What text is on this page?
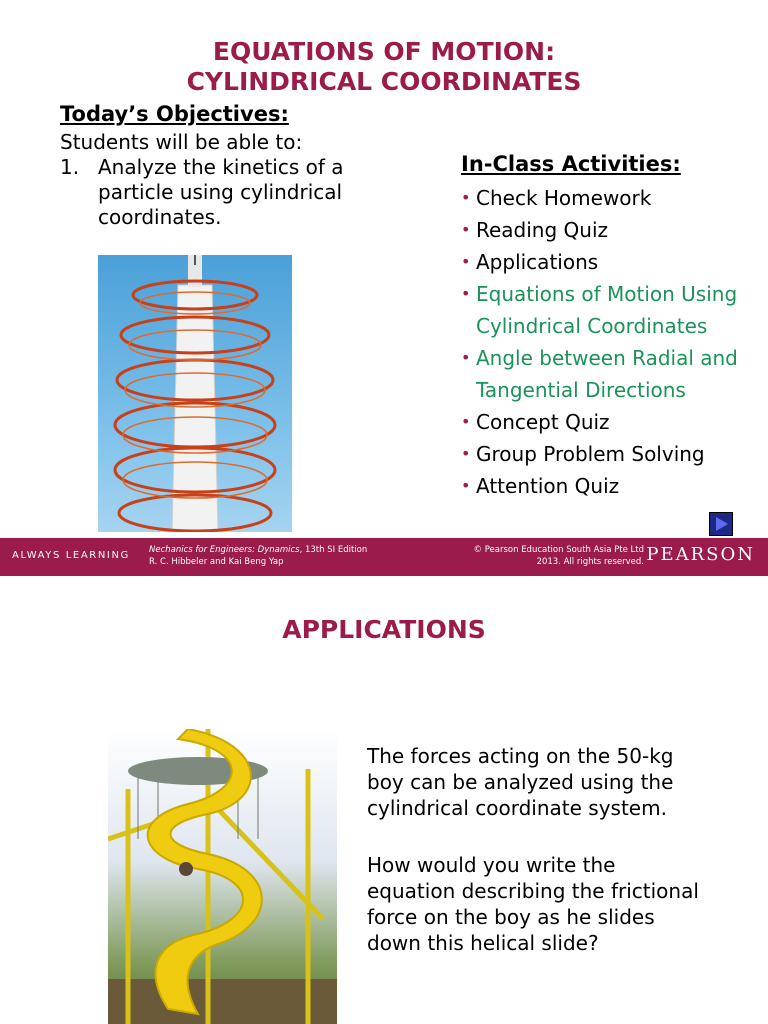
EQUATIONS OF MOTION:
CYLINDRICAL COORDINATES
Today’s Objectives:
Students will be able to:
1. Analyze the kinetics of a particle using cylindrical coordinates.
In-Class Activities:
• Check Homework
• Reading Quiz
• Applications
• Equations of Motion Using Cylindrical Coordinates
• Angle between Radial and Tangential Directions
• Concept Quiz
• Group Problem Solving
• Attention Quiz
ALWAYS LEARNING Nechanics for Engineers: Dynamics, 13th SI Edition
R. C. Hibbeler and Kai Beng Yap
© Pearson Education South Asia Pte Ltd
2013. All rights reserved. PEARSON
APPLICATIONS
The forces acting on the 50-kg boy can be analyzed using the cylindrical coordinate system.
How would you write the equation describing the frictional force on the boy as he slides down this helical slide?
